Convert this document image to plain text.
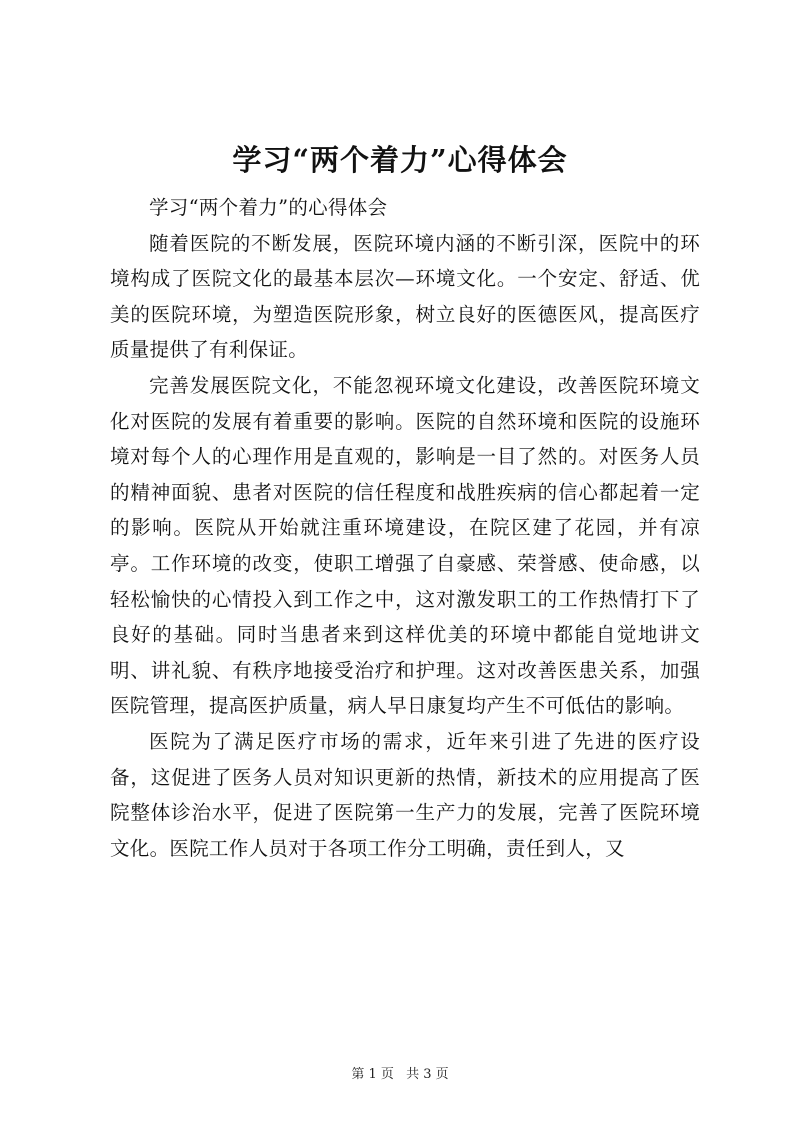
学习“两个着力”心得体会

学习“两个着力”的心得体会

随着医院的不断发展，医院环境内涵的不断引深，医院中的环境构成了医院文化的最基本层次—环境文化。一个安定、舒适、优美的医院环境，为塑造医院形象，树立良好的医德医风，提高医疗质量提供了有利保证。

完善发展医院文化，不能忽视环境文化建设，改善医院环境文化对医院的发展有着重要的影响。医院的自然环境和医院的设施环境对每个人的心理作用是直观的，影响是一目了然的。对医务人员的精神面貌、患者对医院的信任程度和战胜疾病的信心都起着一定的影响。医院从开始就注重环境建设，在院区建了花园，并有凉亭。工作环境的改变，使职工增强了自豪感、荣誉感、使命感，以轻松愉快的心情投入到工作之中，这对激发职工的工作热情打下了良好的基础。同时当患者来到这样优美的环境中都能自觉地讲文明、讲礼貌、有秩序地接受治疗和护理。这对改善医患关系，加强医院管理，提高医护质量，病人早日康复均产生不可低估的影响。

医院为了满足医疗市场的需求，近年来引进了先进的医疗设备，这促进了医务人员对知识更新的热情，新技术的应用提高了医院整体诊治水平，促进了医院第一生产力的发展，完善了医院环境文化。医院工作人员对于各项工作分工明确，责任到人，又

第 1 页 共 3 页
